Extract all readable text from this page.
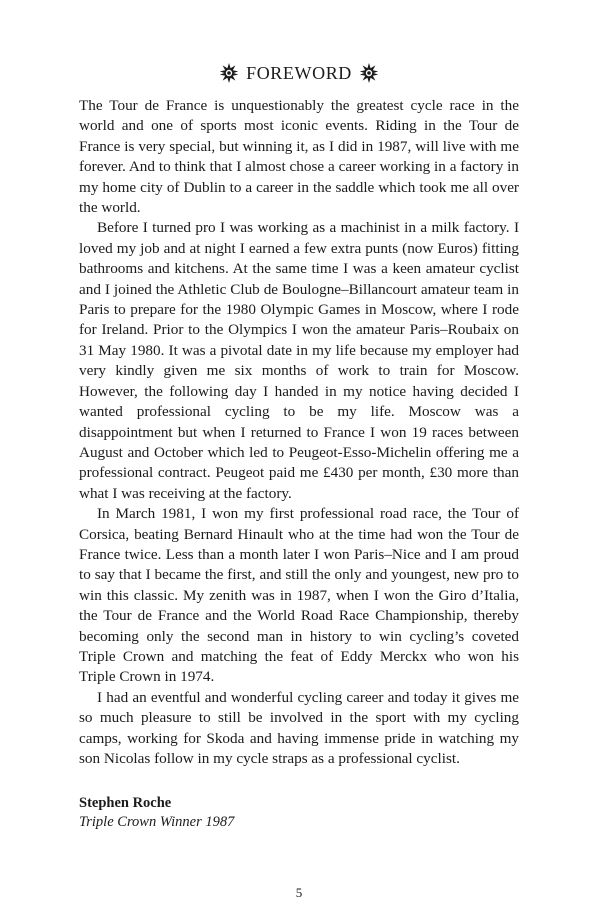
FOREWORD

The Tour de France is unquestionably the greatest cycle race in the world and one of sports most iconic events. Riding in the Tour de France is very special, but winning it, as I did in 1987, will live with me forever. And to think that I almost chose a career working in a factory in my home city of Dublin to a career in the saddle which took me all over the world.

Before I turned pro I was working as a machinist in a milk factory. I loved my job and at night I earned a few extra punts (now Euros) fitting bathrooms and kitchens. At the same time I was a keen amateur cyclist and I joined the Athletic Club de Boulogne–Billancourt amateur team in Paris to prepare for the 1980 Olympic Games in Moscow, where I rode for Ireland. Prior to the Olympics I won the amateur Paris–Roubaix on 31 May 1980. It was a pivotal date in my life because my employer had very kindly given me six months of work to train for Moscow. However, the following day I handed in my notice having decided I wanted professional cycling to be my life. Moscow was a disappointment but when I returned to France I won 19 races between August and October which led to Peugeot-Esso-Michelin offering me a professional contract. Peugeot paid me £430 per month, £30 more than what I was receiving at the factory.

In March 1981, I won my first professional road race, the Tour of Corsica, beating Bernard Hinault who at the time had won the Tour de France twice. Less than a month later I won Paris–Nice and I am proud to say that I became the first, and still the only and youngest, new pro to win this classic. My zenith was in 1987, when I won the Giro d’Italia, the Tour de France and the World Road Race Championship, thereby becoming only the second man in history to win cycling’s coveted Triple Crown and matching the feat of Eddy Merckx who won his Triple Crown in 1974.

I had an eventful and wonderful cycling career and today it gives me so much pleasure to still be involved in the sport with my cycling camps, working for Skoda and having immense pride in watching my son Nicolas follow in my cycle straps as a professional cyclist.

Stephen Roche
Triple Crown Winner 1987
5
